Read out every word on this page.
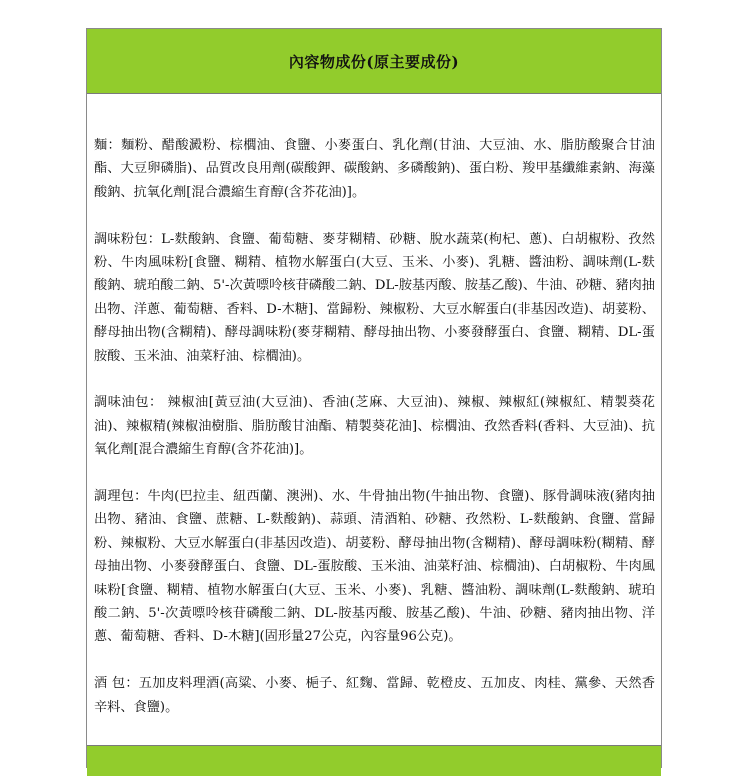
內容物成份(原主要成份)

麵：麵粉、醋酸澱粉、棕櫚油、食鹽、小麥蛋白、乳化劑(甘油、大豆油、水、脂肪酸聚合甘油酯、大豆卵磷脂)、品質改良用劑(碳酸鉀、碳酸鈉、多磷酸鈉)、蛋白粉、羧甲基纖維素鈉、海藻酸鈉、抗氧化劑[混合濃縮生育醇(含芥花油)]。

調味粉包：L-麩酸鈉、食鹽、葡萄糖、麥芽糊精、砂糖、脫水蔬菜(枸杞、蔥)、白胡椒粉、孜然粉、牛肉風味粉[食鹽、糊精、植物水解蛋白(大豆、玉米、小麥)、乳糖、醬油粉、調味劑(L-麩酸鈉、琥珀酸二鈉、5'-次黃嘌呤核苷磷酸二鈉、DL-胺基丙酸、胺基乙酸)、牛油、砂糖、豬肉抽出物、洋蔥、葡萄糖、香料、D-木糖]、當歸粉、辣椒粉、大豆水解蛋白(非基因改造)、胡荽粉、酵母抽出物(含糊精)、酵母調味粉(麥芽糊精、酵母抽出物、小麥發酵蛋白、食鹽、糊精、DL-蛋胺酸、玉米油、油菜籽油、棕櫚油)。

調味油包： 辣椒油[黃豆油(大豆油)、香油(芝麻、大豆油)、辣椒、辣椒紅(辣椒紅、精製葵花油)、辣椒精(辣椒油樹脂、脂肪酸甘油酯、精製葵花油]、棕櫚油、孜然香料(香料、大豆油)、抗氧化劑[混合濃縮生育醇(含芥花油)]。

調理包：牛肉(巴拉圭、紐西蘭、澳洲)、水、牛骨抽出物(牛抽出物、食鹽)、豚骨調味液(豬肉抽出物、豬油、食鹽、蔗糖、L-麩酸鈉)、蒜頭、清酒粕、砂糖、孜然粉、L-麩酸鈉、食鹽、當歸粉、辣椒粉、大豆水解蛋白(非基因改造)、胡荽粉、酵母抽出物(含糊精)、酵母調味粉(糊精、酵母抽出物、小麥發酵蛋白、食鹽、DL-蛋胺酸、玉米油、油菜籽油、棕櫚油)、白胡椒粉、牛肉風味粉[食鹽、糊精、植物水解蛋白(大豆、玉米、小麥)、乳糖、醬油粉、調味劑(L-麩酸鈉、琥珀酸二鈉、5'-次黃嘌呤核苷磷酸二鈉、DL-胺基丙酸、胺基乙酸)、牛油、砂糖、豬肉抽出物、洋蔥、葡萄糖、香料、D-木糖](固形量27公克，內容量96公克)。

酒 包：五加皮料理酒(高粱、小麥、梔子、紅麴、當歸、乾橙皮、五加皮、肉桂、黨參、天然香辛料、食鹽)。
